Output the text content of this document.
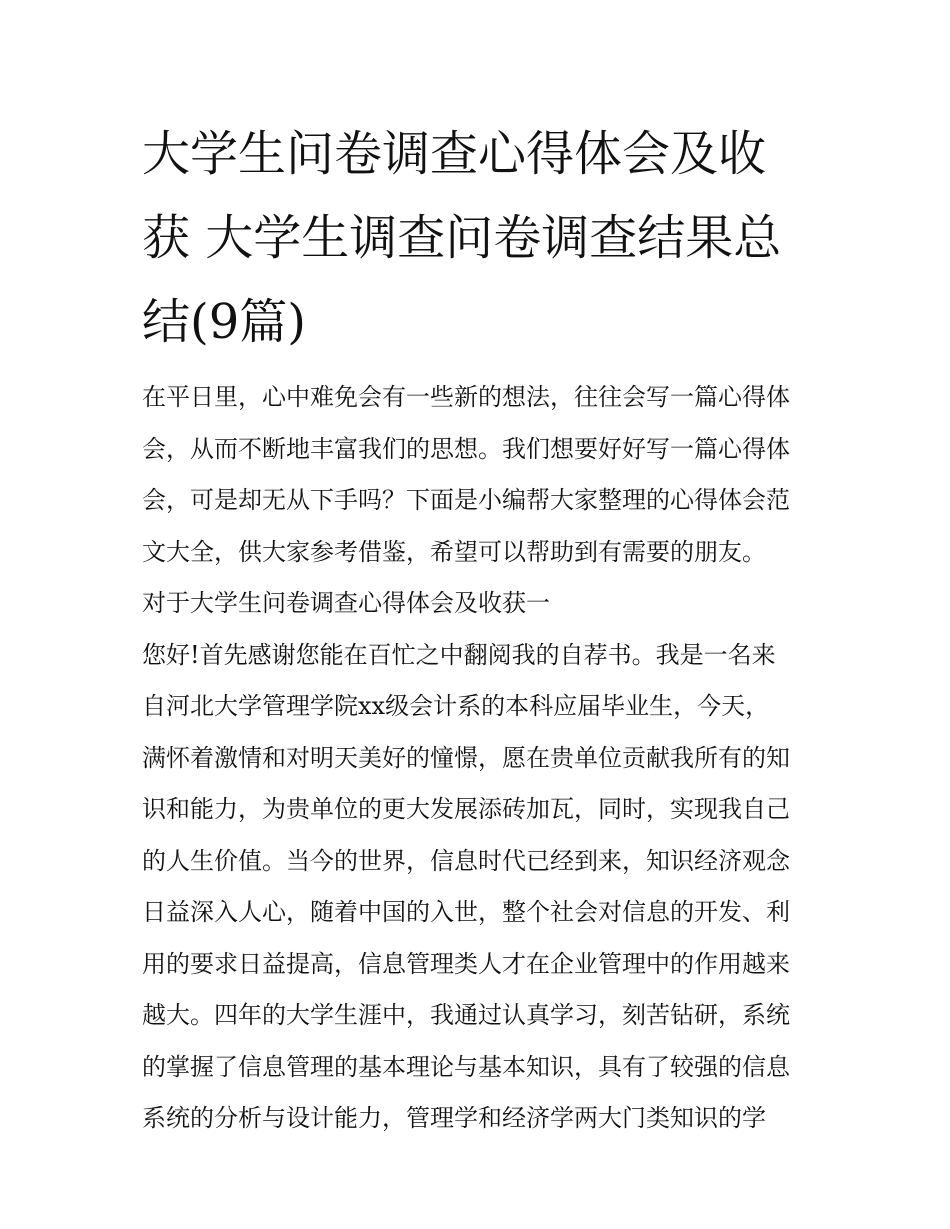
大学生问卷调查心得体会及收
获 大学生调查问卷调查结果总
结(9篇)
在平日里，心中难免会有一些新的想法，往往会写一篇心得体
会，从而不断地丰富我们的思想。我们想要好好写一篇心得体
会，可是却无从下手吗？下面是小编帮大家整理的心得体会范
文大全，供大家参考借鉴，希望可以帮助到有需要的朋友。
对于大学生问卷调查心得体会及收获一
您好!首先感谢您能在百忙之中翻阅我的自荐书。我是一名来
自河北大学管理学院xx级会计系的本科应届毕业生，今天，
满怀着激情和对明天美好的憧憬，愿在贵单位贡献我所有的知
识和能力，为贵单位的更大发展添砖加瓦，同时，实现我自己
的人生价值。当今的世界，信息时代已经到来，知识经济观念
日益深入人心，随着中国的入世，整个社会对信息的开发、利
用的要求日益提高，信息管理类人才在企业管理中的作用越来
越大。四年的大学生涯中，我通过认真学习，刻苦钻研，系统
的掌握了信息管理的基本理论与基本知识，具有了较强的信息
系统的分析与设计能力，管理学和经济学两大门类知识的学
